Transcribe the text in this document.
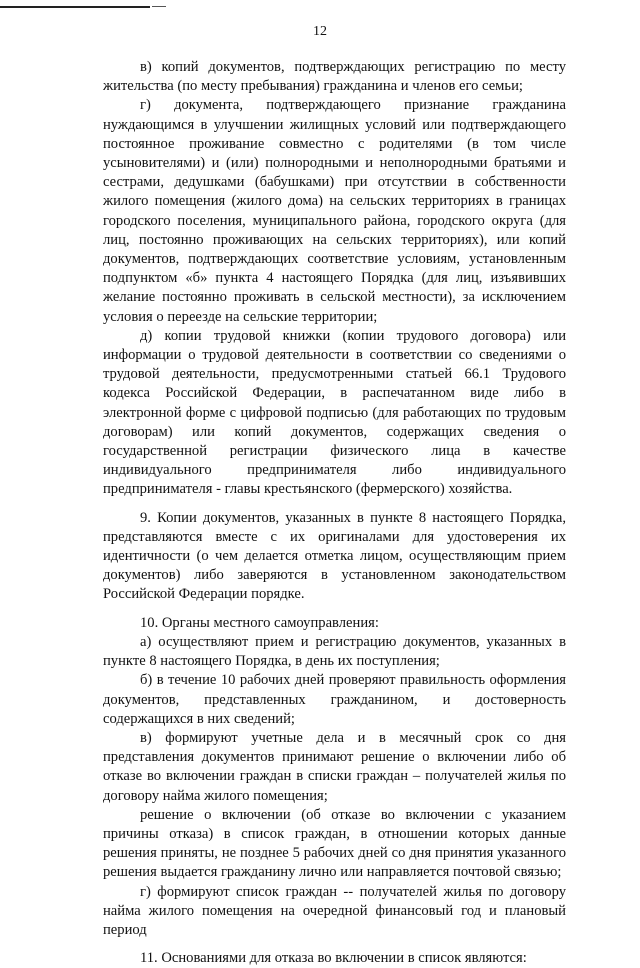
12

в) копий документов, подтверждающих регистрацию по месту жительства (по месту пребывания) гражданина и членов его семьи;

г) документа, подтверждающего признание гражданина нуждающимся в улучшении жилищных условий или подтверждающего постоянное проживание совместно с родителями (в том числе усыновителями) и (или) полнородными и неполнородными братьями и сестрами, дедушками (бабушками) при отсутствии в собственности жилого помещения (жилого дома) на сельских территориях в границах городского поселения, муниципального района, городского округа (для лиц, постоянно проживающих на сельских территориях), или копий документов, подтверждающих соответствие условиям, установленным подпунктом «б» пункта 4 настоящего Порядка (для лиц, изъявивших желание постоянно проживать в сельской местности), за исключением условия о переезде на сельские территории;

д) копии трудовой книжки (копии трудового договора) или информации о трудовой деятельности в соответствии со сведениями о трудовой деятельности, предусмотренными статьей 66.1 Трудового кодекса Российской Федерации, в распечатанном виде либо в электронной форме с цифровой подписью (для работающих по трудовым договорам) или копий документов, содержащих сведения о государственной регистрации физического лица в качестве индивидуального предпринимателя либо индивидуального предпринимателя - главы крестьянского (фермерского) хозяйства.

9. Копии документов, указанных в пункте 8 настоящего Порядка, представляются вместе с их оригиналами для удостоверения их идентичности (о чем делается отметка лицом, осуществляющим прием документов) либо заверяются в установленном законодательством Российской Федерации порядке.

10. Органы местного самоуправления:

а) осуществляют прием и регистрацию документов, указанных в пункте 8 настоящего Порядка, в день их поступления;

б) в течение 10 рабочих дней проверяют правильность оформления документов, представленных гражданином, и достоверность содержащихся в них сведений;

в) формируют учетные дела и в месячный срок со дня представления документов принимают решение о включении либо об отказе во включении граждан в списки граждан – получателей жилья по договору найма жилого помещения;

решение о включении (об отказе во включении с указанием причины отказа) в список граждан, в отношении которых данные решения приняты, не позднее 5 рабочих дней со дня принятия указанного решения выдается гражданину лично или направляется почтовой связью;

г) формируют список граждан -- получателей жилья по договору найма жилого помещения на очередной финансовый год и плановый период

11. Основаниями для отказа во включении в список являются:
